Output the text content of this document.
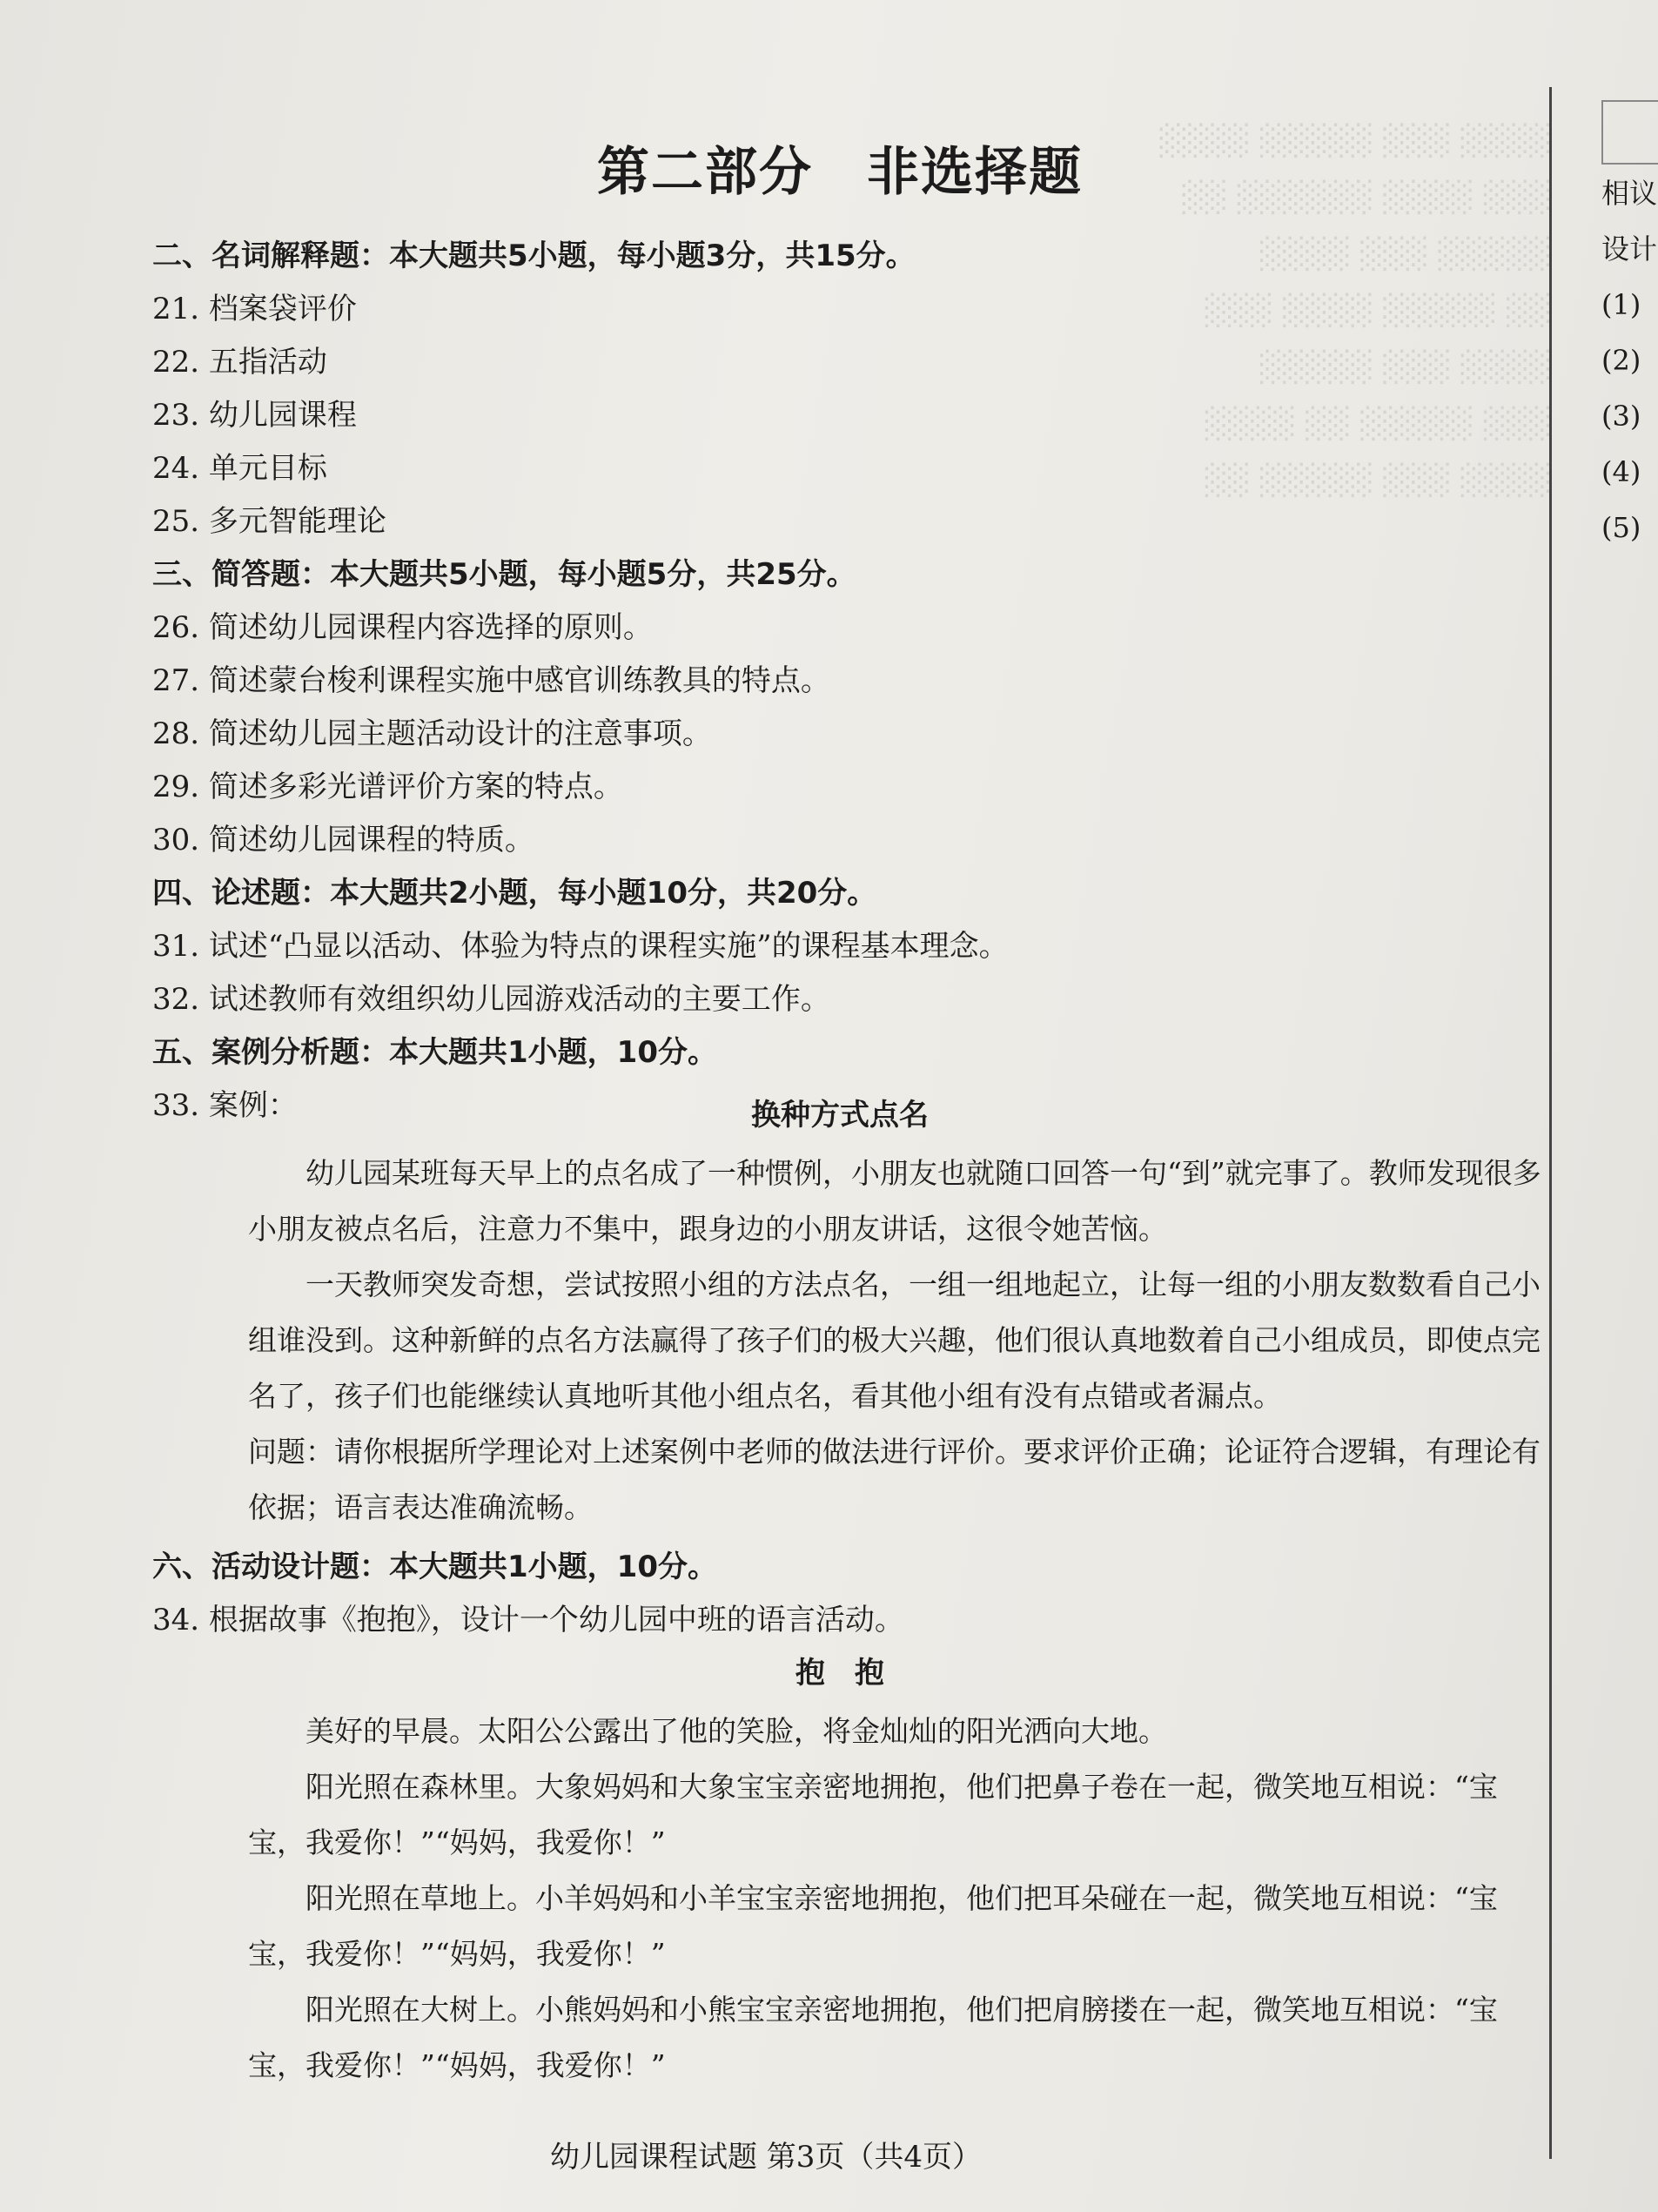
░░░░ ░░░ ░░░░░ ░░░░
░░░ ░░░░ ░░░░░░ ░░
░░░░░ ░░░ ░░░░
░░ ░░░░░ ░░░░ ░░░
░░░░ ░░░ ░░░░░
░░░ ░░░░░ ░░ ░░░░
░░░░ ░░░ ░░░░░ ░░
第二部分　非选择题
二、名词解释题：本大题共5小题，每小题3分，共15分。
21. 档案袋评价
22. 五指活动
23. 幼儿园课程
24. 单元目标
25. 多元智能理论
三、简答题：本大题共5小题，每小题5分，共25分。
26. 简述幼儿园课程内容选择的原则。
27. 简述蒙台梭利课程实施中感官训练教具的特点。
28. 简述幼儿园主题活动设计的注意事项。
29. 简述多彩光谱评价方案的特点。
30. 简述幼儿园课程的特质。
四、论述题：本大题共2小题，每小题10分，共20分。
31. 试述“凸显以活动、体验为特点的课程实施”的课程基本理念。
32. 试述教师有效组织幼儿园游戏活动的主要工作。
五、案例分析题：本大题共1小题，10分。
33. 案例：	换种方式点名
幼儿园某班每天早上的点名成了一种惯例，小朋友也就随口回答一句“到”就完事了。教师发现很多小朋友被点名后，注意力不集中，跟身边的小朋友讲话，这很令她苦恼。
一天教师突发奇想，尝试按照小组的方法点名，一组一组地起立，让每一组的小朋友数数看自己小组谁没到。这种新鲜的点名方法赢得了孩子们的极大兴趣，他们很认真地数着自己小组成员，即使点完名了，孩子们也能继续认真地听其他小组点名，看其他小组有没有点错或者漏点。
问题：请你根据所学理论对上述案例中老师的做法进行评价。要求评价正确；论证符合逻辑，有理论有依据；语言表达准确流畅。
六、活动设计题：本大题共1小题，10分。
34. 根据故事《抱抱》，设计一个幼儿园中班的语言活动。
抱　抱
美好的早晨。太阳公公露出了他的笑脸，将金灿灿的阳光洒向大地。
阳光照在森林里。大象妈妈和大象宝宝亲密地拥抱，他们把鼻子卷在一起，微笑地互相说：“宝宝，我爱你！”“妈妈，我爱你！”
阳光照在草地上。小羊妈妈和小羊宝宝亲密地拥抱，他们把耳朵碰在一起，微笑地互相说：“宝宝，我爱你！”“妈妈，我爱你！”
阳光照在大树上。小熊妈妈和小熊宝宝亲密地拥抱，他们把肩膀搂在一起，微笑地互相说：“宝宝，我爱你！”“妈妈，我爱你！”
幼儿园课程试题 第3页（共4页）
相议
设计
(1)
(2)
(3)
(4)
(5)
